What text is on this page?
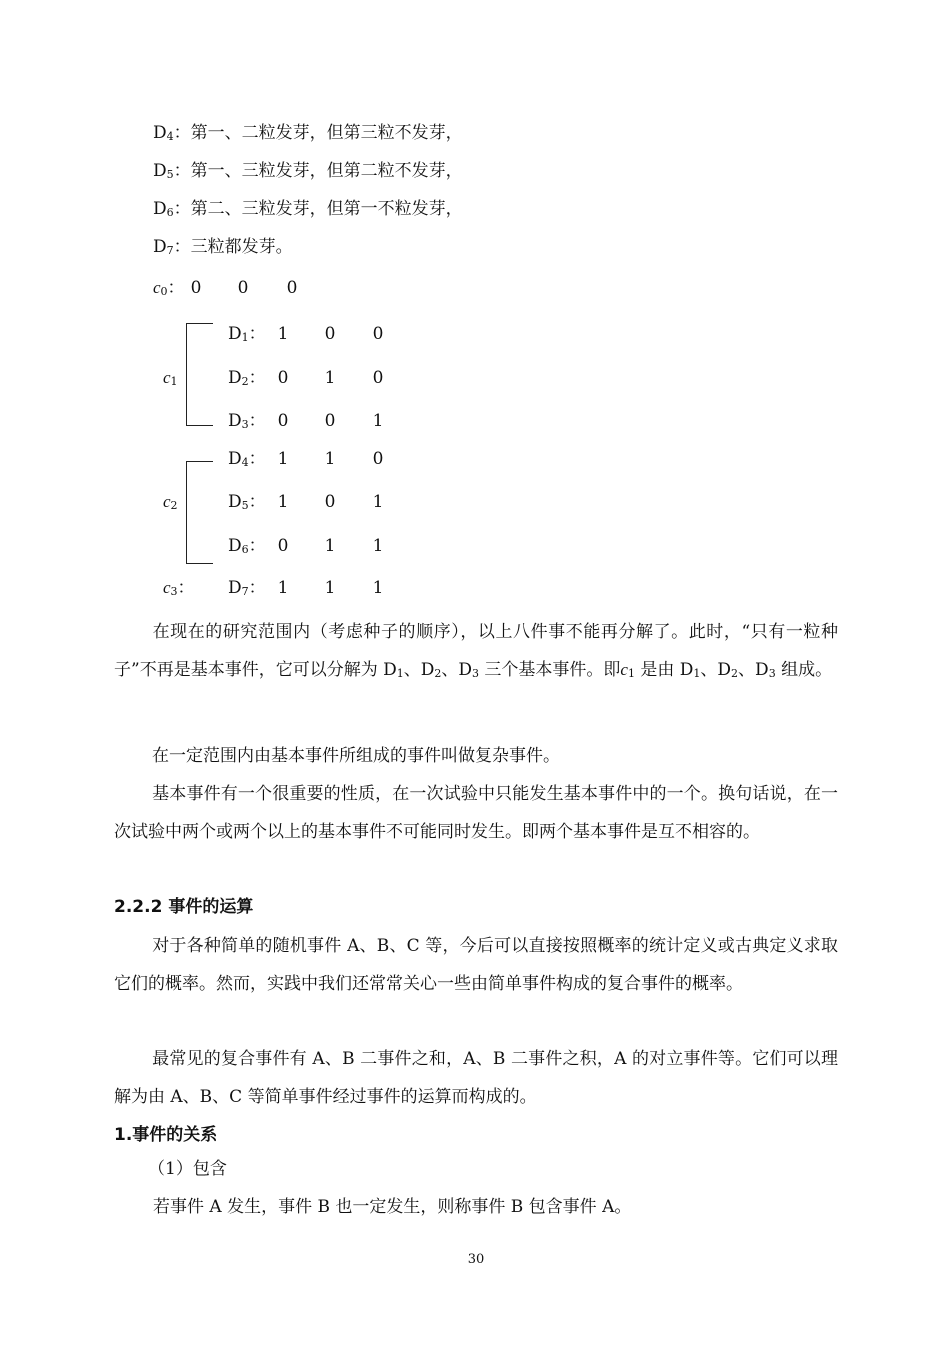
$D_4$：第一、二粒发芽，但第三粒不发芽，
$D_5$：第一、三粒发芽，但第二粒不发芽，
$D_6$：第二、三粒发芽，但第一不粒发芽，
$D_7$：三粒都发芽。
$c_0$： 0 0 0
$c_1$
$c_2$
$c_3$：
$D_1$： 1 0 0
$D_2$： 0 1 0
$D_3$： 0 0 1
$D_4$： 1 1 0
$D_5$： 1 0 1
$D_6$： 0 1 1
$D_7$： 1 1 1
在现在的研究范围内（考虑种子的顺序），以上八件事不能再分解了。此时，“只有一粒种子”不再是基本事件，它可以分解为 $D_1$、$D_2$、$D_3$ 三个基本事件。即$c_1$ 是由 $D_1$、$D_2$、$D_3$ 组成。
在一定范围内由基本事件所组成的事件叫做复杂事件。
基本事件有一个很重要的性质，在一次试验中只能发生基本事件中的一个。换句话说，在一次试验中两个或两个以上的基本事件不可能同时发生。即两个基本事件是互不相容的。
2.2.2 事件的运算
对于各种简单的随机事件 A、B、C 等，今后可以直接按照概率的统计定义或古典定义求取它们的概率。然而，实践中我们还常常关心一些由简单事件构成的复合事件的概率。
最常见的复合事件有 A、B 二事件之和，A、B 二事件之积，A 的对立事件等。它们可以理解为由 A、B、C 等简单事件经过事件的运算而构成的。
1.事件的关系
（1）包含
若事件 A 发生，事件 B 也一定发生，则称事件 B 包含事件 A。
30
